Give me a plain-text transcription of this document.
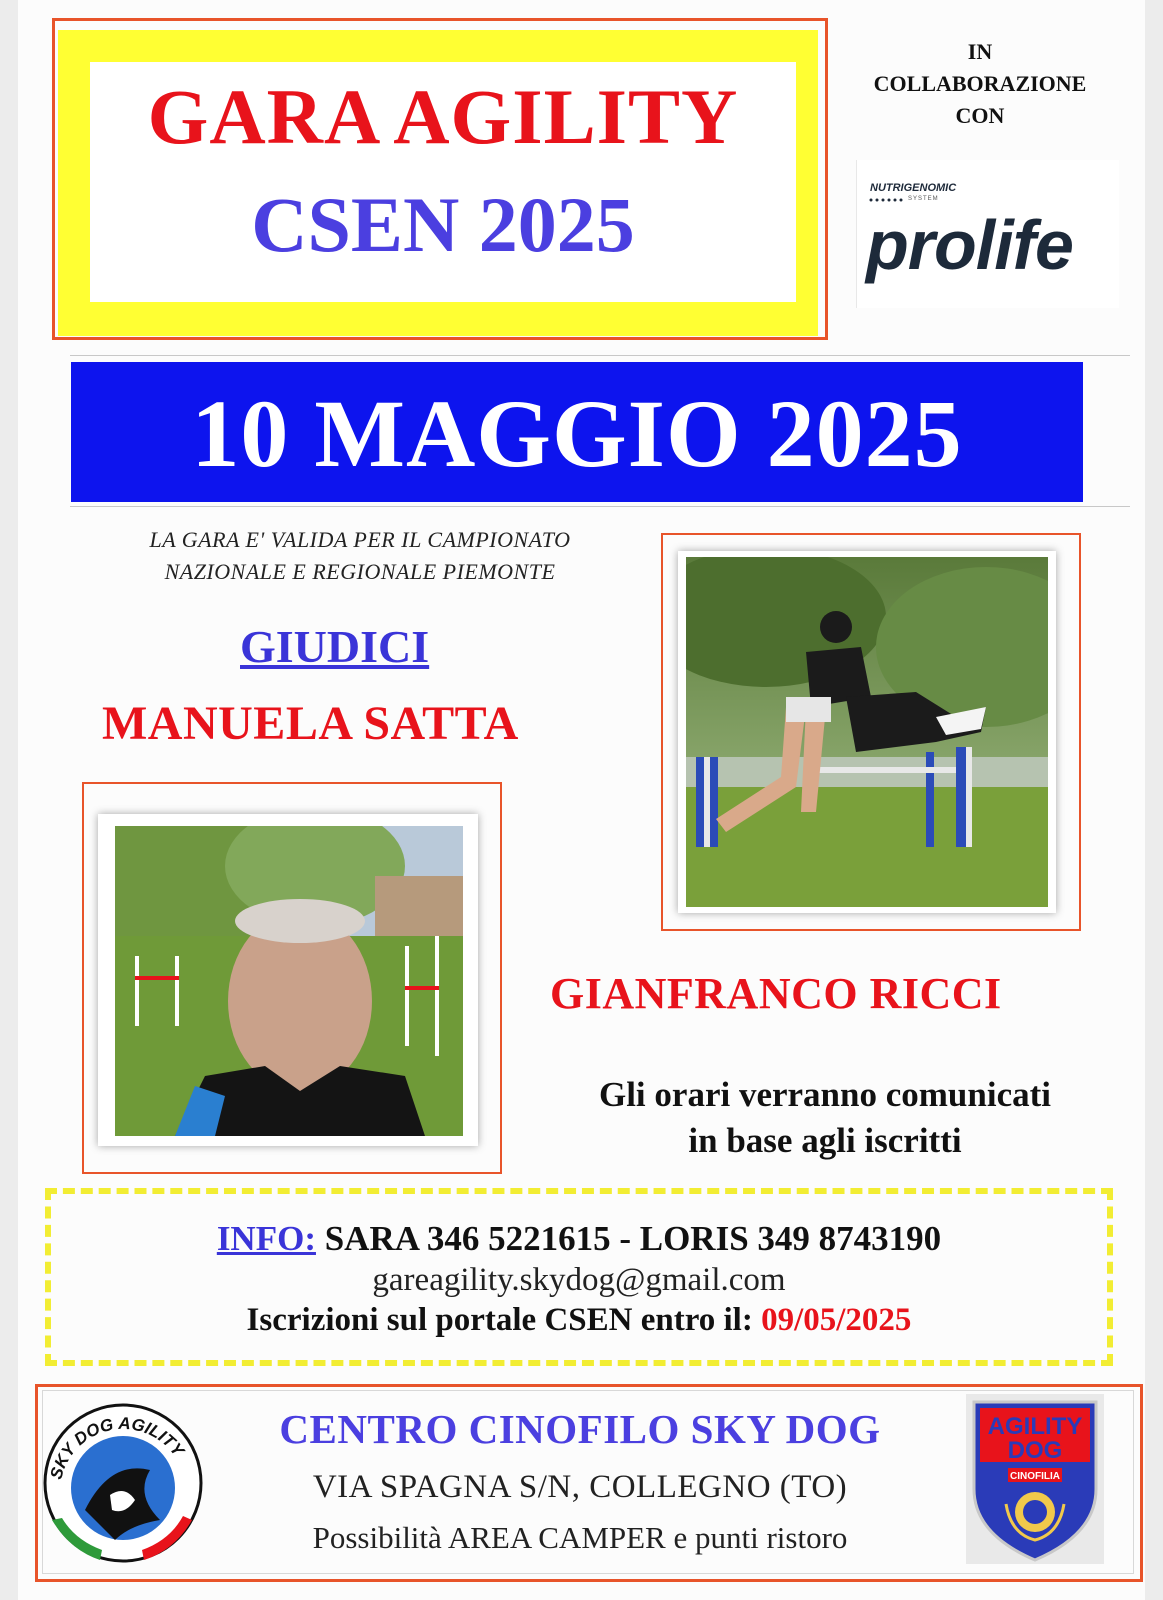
GARA AGILITY
CSEN 2025
IN
COLLABORAZIONE
CON
NUTRIGENOMIC
SYSTEM
prolife
10 MAGGIO 2025
LA GARA E' VALIDA PER IL CAMPIONATO
NAZIONALE E REGIONALE PIEMONTE
GIUDICI
MANUELA SATTA
GIANFRANCO RICCI
Gli orari verranno comunicati
in base agli iscritti
INFO: SARA 346 5221615 - LORIS 349 8743190
gareagility.skydog@gmail.com
Iscrizioni sul portale CSEN entro il: 09/05/2025
SKY DOG AGILITY	CENTRO CINOFILO SKY DOG
VIA SPAGNA S/N, COLLEGNO (TO)
Possibilità AREA CAMPER e punti ristoro
AGILITY
DOG
CINOFILIA
